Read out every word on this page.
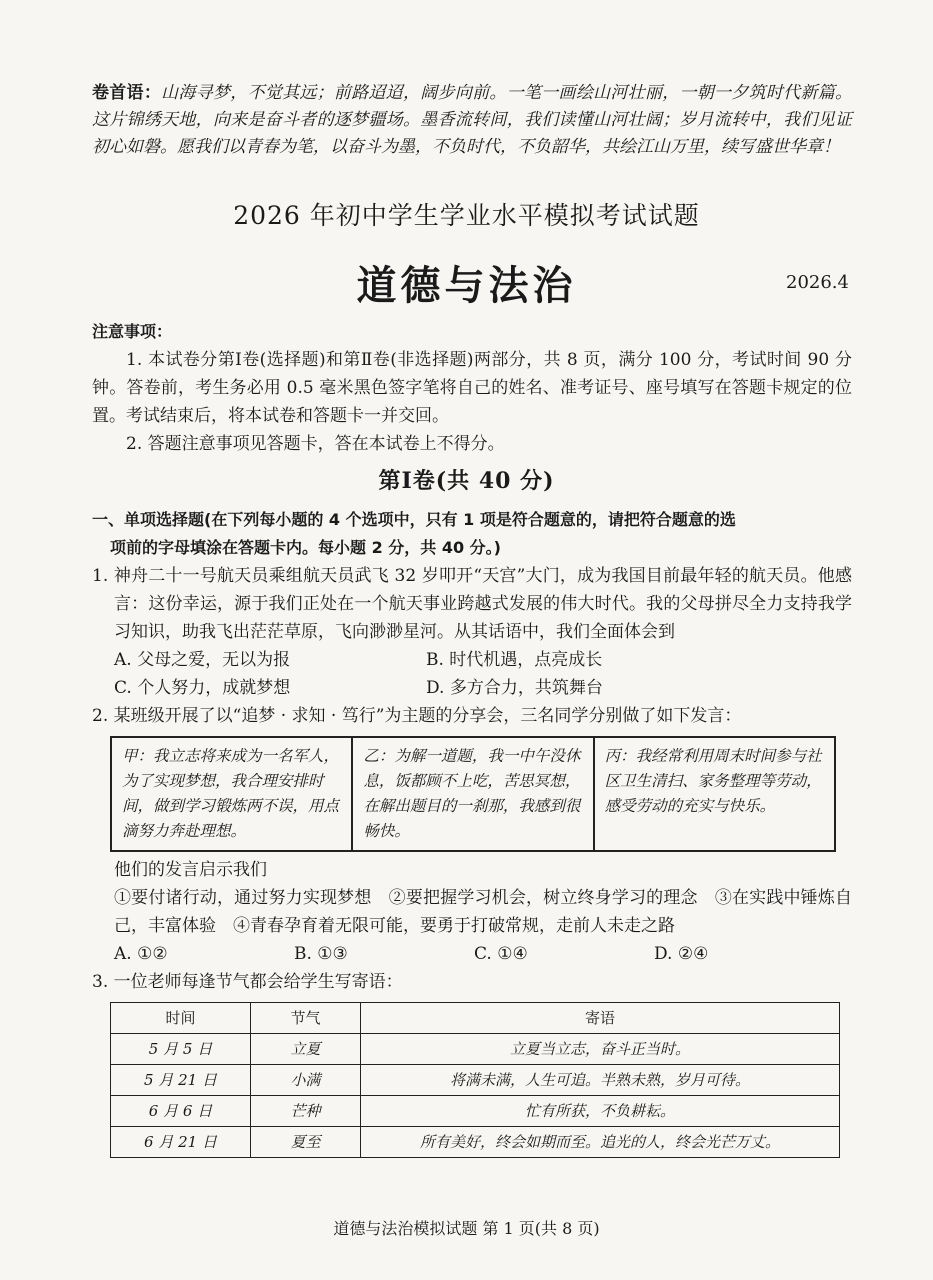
卷首语：山海寻梦，不觉其远；前路迢迢，阔步向前。一笔一画绘山河壮丽，一朝一夕筑时代新篇。这片锦绣天地，向来是奋斗者的逐梦疆场。墨香流转间，我们读懂山河壮阔；岁月流转中，我们见证初心如磐。愿我们以青春为笔，以奋斗为墨，不负时代，不负韶华，共绘江山万里，续写盛世华章！
2026 年初中学生学业水平模拟考试试题
道德与法治	2026.4
注意事项：

1. 本试卷分第Ⅰ卷(选择题)和第Ⅱ卷(非选择题)两部分，共 8 页，满分 100 分，考试时间 90 分钟。答卷前，考生务必用 0.5 毫米黑色签字笔将自己的姓名、准考证号、座号填写在答题卡规定的位置。考试结束后，将本试卷和答题卡一并交回。

2. 答题注意事项见答题卡，答在本试卷上不得分。

第Ⅰ卷(共 40 分)
一、单项选择题(在下列每小题的 4 个选项中，只有 1 项是符合题意的，请把符合题意的选
项前的字母填涂在答题卡内。每小题 2 分，共 40 分。)

1. 神舟二十一号航天员乘组航天员武飞 32 岁叩开“天宫”大门，成为我国目前最年轻的航天员。他感言：这份幸运，源于我们正处在一个航天事业跨越式发展的伟大时代。我的父母拼尽全力支持我学习知识，助我飞出茫茫草原，飞向渺渺星河。从其话语中，我们全面体会到

A. 父母之爱，无以为报	B. 时代机遇，点亮成长
C. 个人努力，成就梦想	D. 多方合力，共筑舞台

2. 某班级开展了以“追梦 · 求知 · 笃行”为主题的分享会，三名同学分别做了如下发言：

甲：我立志将来成为一名军人，为了实现梦想，我合理安排时间，做到学习锻炼两不误，用点滴努力奔赴理想。	乙：为解一道题，我一中午没休息，饭都顾不上吃，苦思冥想，在解出题目的一刹那，我感到很畅快。	丙：我经常利用周末时间参与社区卫生清扫、家务整理等劳动，感受劳动的充实与快乐。

他们的发言启示我们

①要付诸行动，通过努力实现梦想　②要把握学习机会，树立终身学习的理念　③在实践中锤炼自己，丰富体验　④青春孕育着无限可能，要勇于打破常规，走前人未走之路

A. ①②	B. ①③	C. ①④	D. ②④

3. 一位老师每逢节气都会给学生写寄语：

时间	节气	寄语
5 月 5 日	立夏	立夏当立志，奋斗正当时。
5 月 21 日	小满	将满未满，人生可追。半熟未熟，岁月可待。
6 月 6 日	芒种	忙有所获，不负耕耘。
6 月 21 日	夏至	所有美好，终会如期而至。追光的人，终会光芒万丈。
道德与法治模拟试题 第 1 页(共 8 页)
